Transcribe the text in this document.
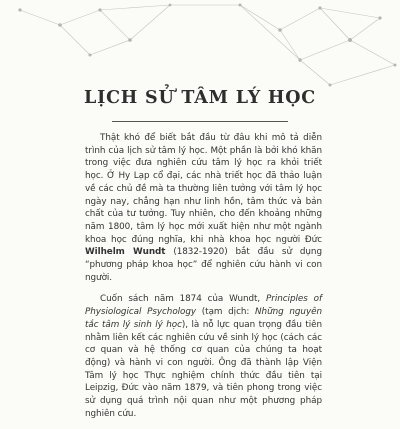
LỊCH SỬ TÂM LÝ HỌC

Thật khó để biết bắt đầu từ đâu khi mô tả diễn trình của lịch sử tâm lý học. Một phần là bởi khó khăn trong việc đưa nghiên cứu tâm lý học ra khỏi triết học. Ở Hy Lạp cổ đại, các nhà triết học đã thảo luận về các chủ đề mà ta thường liên tưởng với tâm lý học ngày nay, chẳng hạn như linh hồn, tâm thức và bản chất của tư tưởng. Tuy nhiên, cho đến khoảng những năm 1800, tâm lý học mới xuất hiện như một ngành khoa học đúng nghĩa, khi nhà khoa học người Đức Wilhelm Wundt (1832-1920) bắt đầu sử dụng “phương pháp khoa học” để nghiên cứu hành vi con người.

Cuốn sách năm 1874 của Wundt, Principles of Physiological Psychology (tạm dịch: Những nguyên tắc tâm lý sinh lý học), là nỗ lực quan trọng đầu tiên nhằm liên kết các nghiên cứu về sinh lý học (cách các cơ quan và hệ thống cơ quan của chúng ta hoạt động) và hành vi con người. Ông đã thành lập Viện Tâm lý học Thực nghiệm chính thức đầu tiên tại Leipzig, Đức vào năm 1879, và tiên phong trong việc sử dụng quá trình nội quan như một phương pháp nghiên cứu.
